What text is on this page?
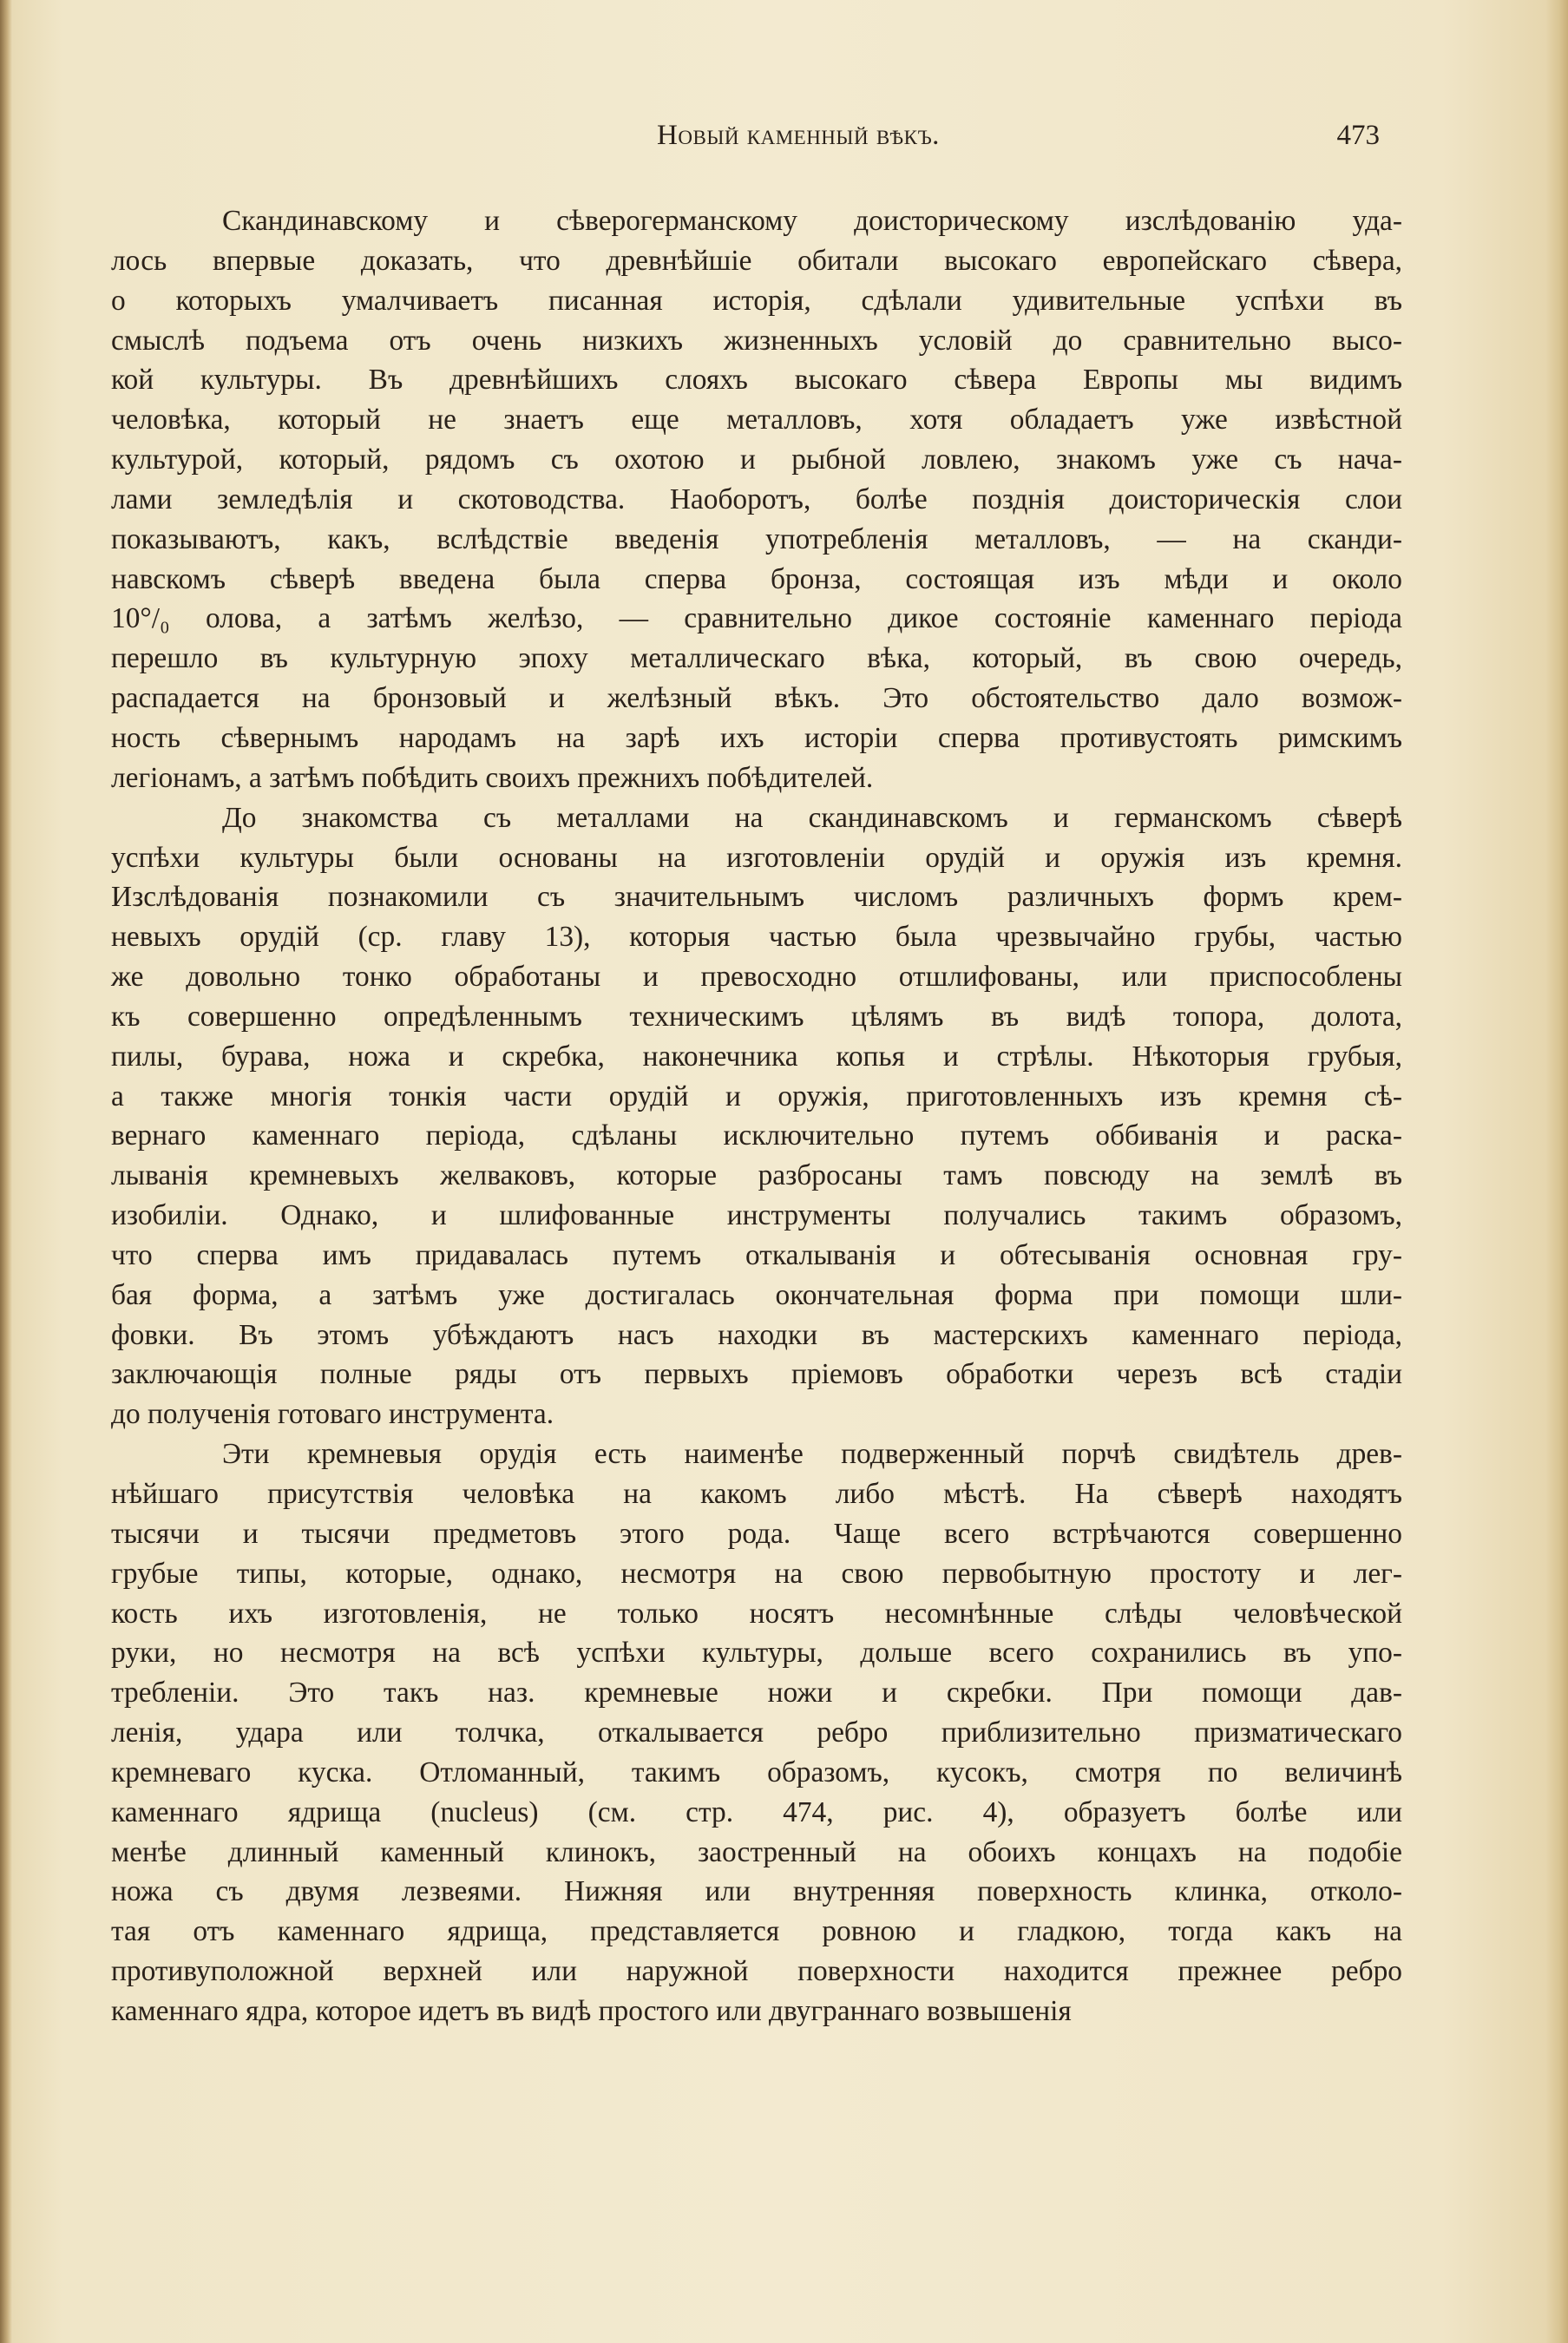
Новый каменный вѣкъ.	473

Скандинавскому и сѣверогерманскому доисторическому изслѣдованію уда-

лось впервые доказать, что древнѣйшіе обитали высокаго европейскаго сѣвера,

о которыхъ умалчиваетъ писанная исторія, сдѣлали удивительные успѣхи въ

смыслѣ подъема отъ очень низкихъ жизненныхъ условій до сравнительно высо-

кой культуры. Въ древнѣйшихъ слояхъ высокаго сѣвера Европы мы видимъ

человѣка, который не знаетъ еще металловъ, хотя обладаетъ уже извѣстной

культурой, который, рядомъ съ охотою и рыбной ловлею, знакомъ уже съ нача-

лами земледѣлія и скотоводства. Наоборотъ, болѣе позднія доисторическія слои

показываютъ, какъ, вслѣдствіе введенія употребленія металловъ, — на сканди-

навскомъ сѣверѣ введена была сперва бронза, состоящая изъ мѣди и около

10°/₀ олова, а затѣмъ желѣзо, — сравнительно дикое состояніе каменнаго періода

перешло въ культурную эпоху металлическаго вѣка, который, въ свою очередь,

распадается на бронзовый и желѣзный вѣкъ. Это обстоятельство дало возмож-

ность сѣвернымъ народамъ на зарѣ ихъ исторіи сперва противустоять римскимъ

легіонамъ, а затѣмъ побѣдить своихъ прежнихъ побѣдителей.

До знакомства съ металлами на скандинавскомъ и германскомъ сѣверѣ

успѣхи культуры были основаны на изготовленіи орудій и оружія изъ кремня.

Изслѣдованія познакомили съ значительнымъ числомъ различныхъ формъ крем-

невыхъ орудій (ср. главу 13), которыя частью была чрезвычайно грубы, частью

же довольно тонко обработаны и превосходно отшлифованы, или приспособлены

къ совершенно опредѣленнымъ техническимъ цѣлямъ въ видѣ топора, долота,

пилы, бурава, ножа и скребка, наконечника копья и стрѣлы. Нѣкоторыя грубыя,

а также многія тонкія части орудій и оружія, приготовленныхъ изъ кремня сѣ-

вернаго каменнаго періода, сдѣланы исключительно путемъ оббиванія и раска-

лыванія кремневыхъ желваковъ, которые разбросаны тамъ повсюду на землѣ въ

изобиліи. Однако, и шлифованные инструменты получались такимъ образомъ,

что сперва имъ придавалась путемъ откалыванія и обтесыванія основная гру-

бая форма, а затѣмъ уже достигалась окончательная форма при помощи шли-

фовки. Въ этомъ убѣждаютъ насъ находки въ мастерскихъ каменнаго періода,

заключающія полные ряды отъ первыхъ пріемовъ обработки черезъ всѣ стадіи

до полученія готоваго инструмента.

Эти кремневыя орудія есть наименѣе подверженный порчѣ свидѣтель древ-

нѣйшаго присутствія человѣка на какомъ либо мѣстѣ. На сѣверѣ находятъ

тысячи и тысячи предметовъ этого рода. Чаще всего встрѣчаются совершенно

грубые типы, которые, однако, несмотря на свою первобытную простоту и лег-

кость ихъ изготовленія, не только носятъ несомнѣнные слѣды человѣческой

руки, но несмотря на всѣ успѣхи культуры, дольше всего сохранились въ упо-

требленіи. Это такъ наз. кремневые ножи и скребки. При помощи дав-

ленія, удара или толчка, откалывается ребро приблизительно призматическаго

кремневаго куска. Отломанный, такимъ образомъ, кусокъ, смотря по величинѣ

каменнаго ядрища (nucleus) (см. стр. 474, рис. 4), образуетъ болѣе или

менѣе длинный каменный клинокъ, заостренный на обоихъ концахъ на подобіе

ножа съ двумя лезвеями. Нижняя или внутренняя поверхность клинка, отколо-

тая отъ каменнаго ядрища, представляется ровною и гладкою, тогда какъ на

противуположной верхней или наружной поверхности находится прежнее ребро

каменнаго ядра, которое идетъ въ видѣ простого или двуграннаго возвышенія
